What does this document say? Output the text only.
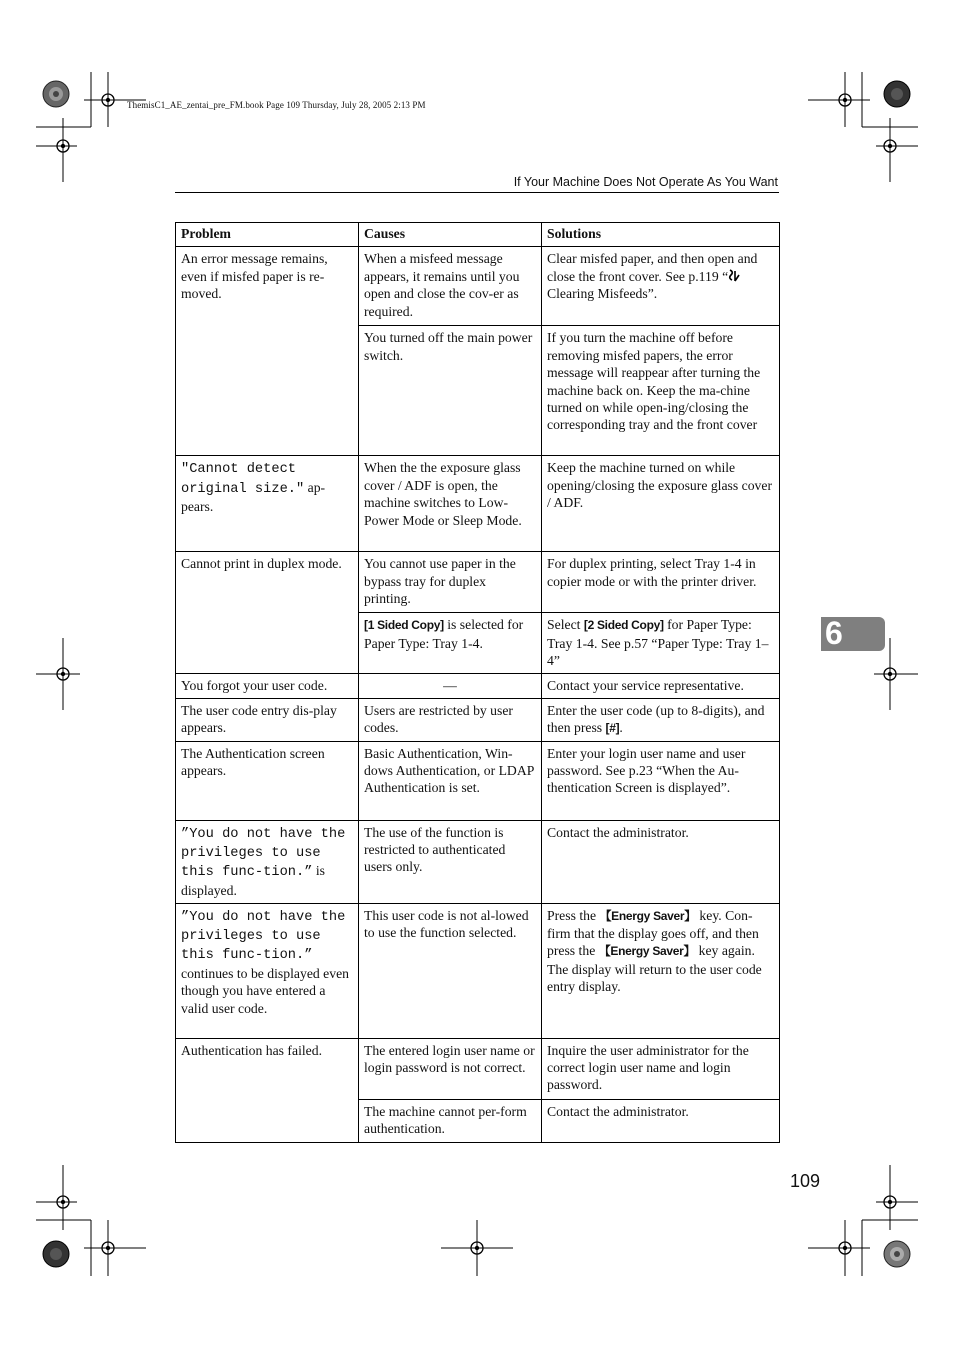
ThemisC1_AE_zentai_pre_FM.book Page 109 Thursday, July 28, 2005 2:13 PM
If Your Machine Does Not Operate As You Want
6
Problem	Causes	Solutions
An error message remains, even if misfed paper is re-moved.	When a misfeed message appears, it remains until you open and close the cov-er as required.	Clear misfed paper, and then open and close the front cover. See p.119 “Clearing Misfeeds”.
	You turned off the main power switch.	If you turn the machine off before removing misfed papers, the error message will reappear after turning the machine back on. Keep the ma-chine turned on while open-ing/closing the corresponding tray and the front cover
"Cannot detect original size." ap-pears.	When the the exposure glass cover / ADF is open, the machine switches to Low-Power Mode or Sleep Mode.	Keep the machine turned on while opening/closing the exposure glass cover / ADF.
Cannot print in duplex mode.	You cannot use paper in the bypass tray for duplex printing.	For duplex printing, select Tray 1-4 in copier mode or with the printer driver.
	[1 Sided Copy] is selected for Paper Type: Tray 1-4.	Select [2 Sided Copy] for Paper Type: Tray 1-4. See p.57 “Paper Type: Tray 1–4”
You forgot your user code.	—	Contact your service representative.
The user code entry dis-play appears.	Users are restricted by user codes.	Enter the user code (up to 8-digits), and then press [#].
The Authentication screen appears.	Basic Authentication, Win-dows Authentication, or LDAP Authentication is set.	Enter your login user name and user password. See p.23 “When the Au-thentication Screen is displayed”.
”You do not have the privileges to use this func-tion.” is displayed.	The use of the function is restricted to authenticated users only.	Contact the administrator.
”You do not have the privileges to use this func-tion.” continues to be displayed even though you have entered a valid user code.	This user code is not al-lowed to use the function selected.	Press the 【Energy Saver】 key. Con-firm that the display goes off, and then press the 【Energy Saver】 key again. The display will return to the user code entry display.
Authentication has failed.	The entered login user name or login password is not correct.	Inquire the user administrator for the correct login user name and login password.
	The machine cannot per-form authentication.	Contact the administrator.
109
